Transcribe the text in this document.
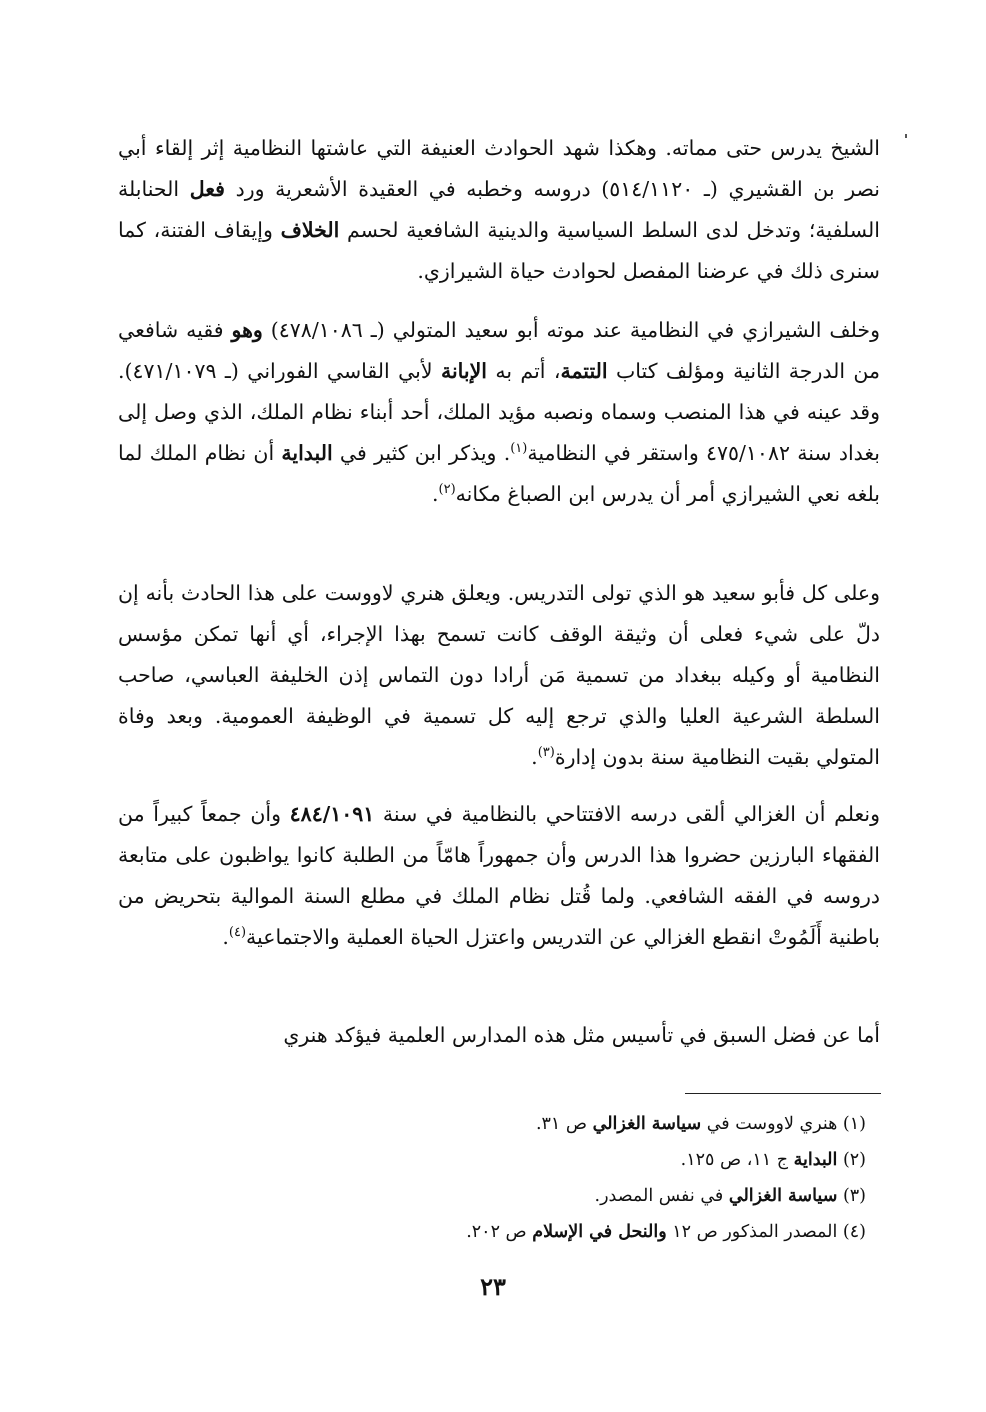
الشيخ يدرس حتى مماته. وهكذا شهد الحوادث العنيفة التي عاشتها النظامية إثر إلقاء أبي نصر بن القشيري (ـ ٥١٤/١١٢٠) دروسه وخطبه في العقيدة الأشعرية ورد فعل الحنابلة السلفية؛ وتدخل لدى السلط السياسية والدينية الشافعية لحسم الخلاف وإيقاف الفتنة، كما سنرى ذلك في عرضنا المفصل لحوادث حياة الشيرازي.

وخلف الشيرازي في النظامية عند موته أبو سعيد المتولي (ـ ٤٧٨/١٠٨٦) وهو فقيه شافعي من الدرجة الثانية ومؤلف كتاب التتمة، أتم به الإبانة لأبي القاسي الفوراني (ـ ٤٧١/١٠٧٩). وقد عينه في هذا المنصب وسماه ونصبه مؤيد الملك، أحد أبناء نظام الملك، الذي وصل إلى بغداد سنة ٤٧٥/١٠٨٢ واستقر في النظامية$^{(١)}$. ويذكر ابن كثير في البداية أن نظام الملك لما بلغه نعي الشيرازي أمر أن يدرس ابن الصباغ مكانه$^{(٢)}$.

وعلى كل فأبو سعيد هو الذي تولى التدريس. ويعلق هنري لاووست على هذا الحادث بأنه إن دلّ على شيء فعلى أن وثيقة الوقف كانت تسمح بهذا الإجراء، أي أنها تمكن مؤسس النظامية أو وكيله ببغداد من تسمية مَن أرادا دون التماس إذن الخليفة العباسي، صاحب السلطة الشرعية العليا والذي ترجع إليه كل تسمية في الوظيفة العمومية. وبعد وفاة المتولي بقيت النظامية سنة بدون إدارة$^{(٣)}$.

ونعلم أن الغزالي ألقى درسه الافتتاحي بالنظامية في سنة ٤٨٤/١٠٩١ وأن جمعاً كبيراً من الفقهاء البارزين حضروا هذا الدرس وأن جمهوراً هامّاً من الطلبة كانوا يواظبون على متابعة دروسه في الفقه الشافعي. ولما قُتل نظام الملك في مطلع السنة الموالية بتحريض من باطنية أَلَمُوتْ انقطع الغزالي عن التدريس واعتزل الحياة العملية والاجتماعية$^{(٤)}$.

أما عن فضل السبق في تأسيس مثل هذه المدارس العلمية فيؤكد هنري

(١) هنري لاووست في سياسة الغزالي ص ٣١.
(٢) البداية ج ١١، ص ١٢٥.
(٣) سياسة الغزالي في نفس المصدر.
(٤) المصدر المذكور ص ١٢ والنحل في الإسلام ص ٢٠٢.
٢٣
